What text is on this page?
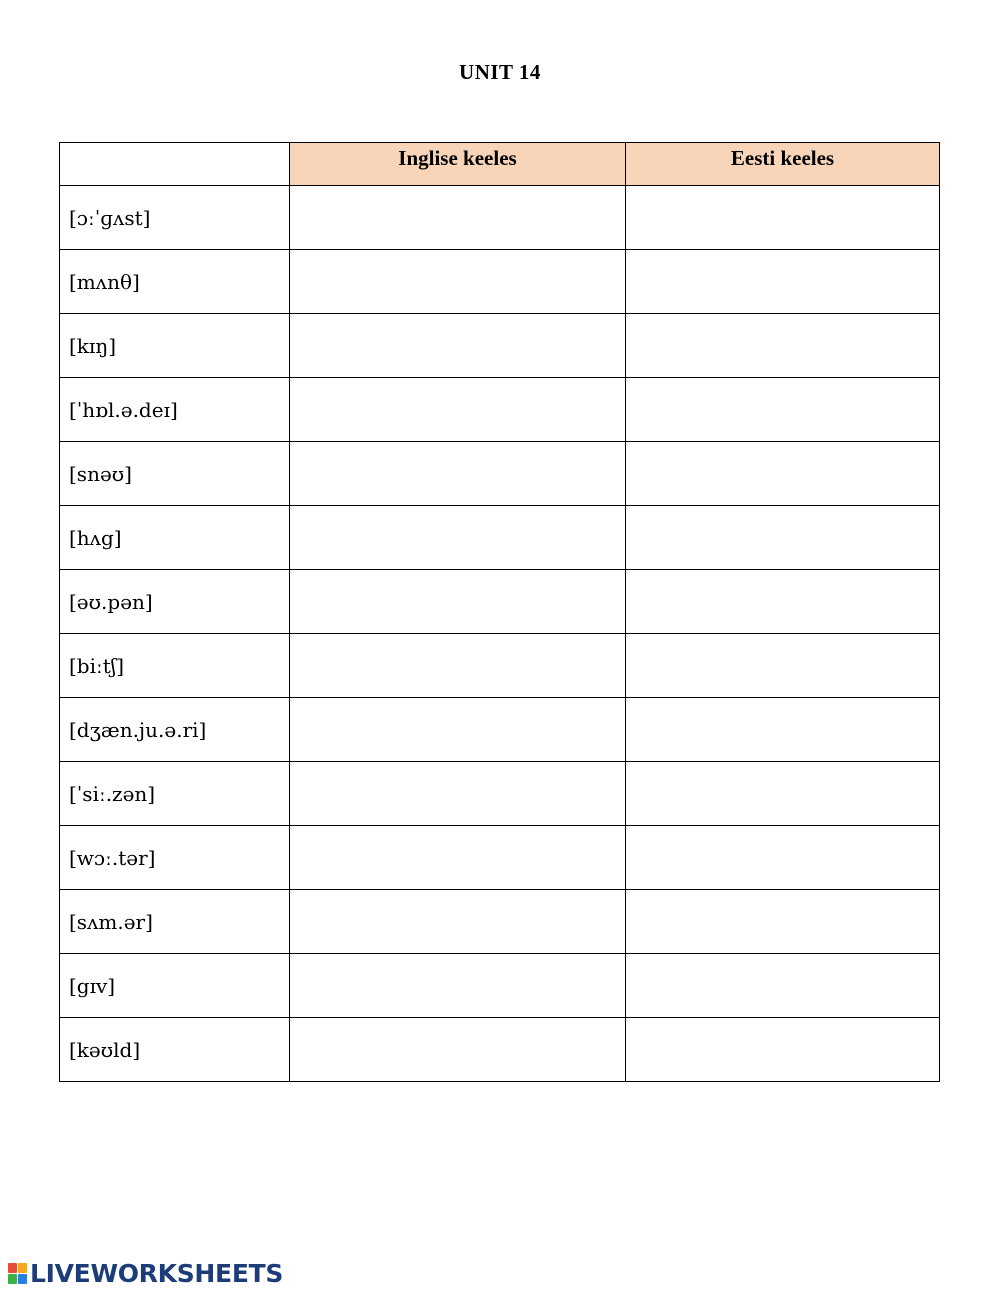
UNIT 14
	Inglise keeles	Eesti keeles
[ɔːˈɡʌst]		
[mʌnθ]		
[kɪŋ]		
[ˈhɒl.ə.deɪ]		
[snəʊ]		
[hʌg]		
[əʊ.pən]		
[biːtʃ]		
[dʒæn.ju.ə.ri]		
[ˈsiː.zən]		
[wɔː.tər]		
[sʌm.ər]		
[gɪv]		
[kəʊld]		
LIVEWORKSHEETS
